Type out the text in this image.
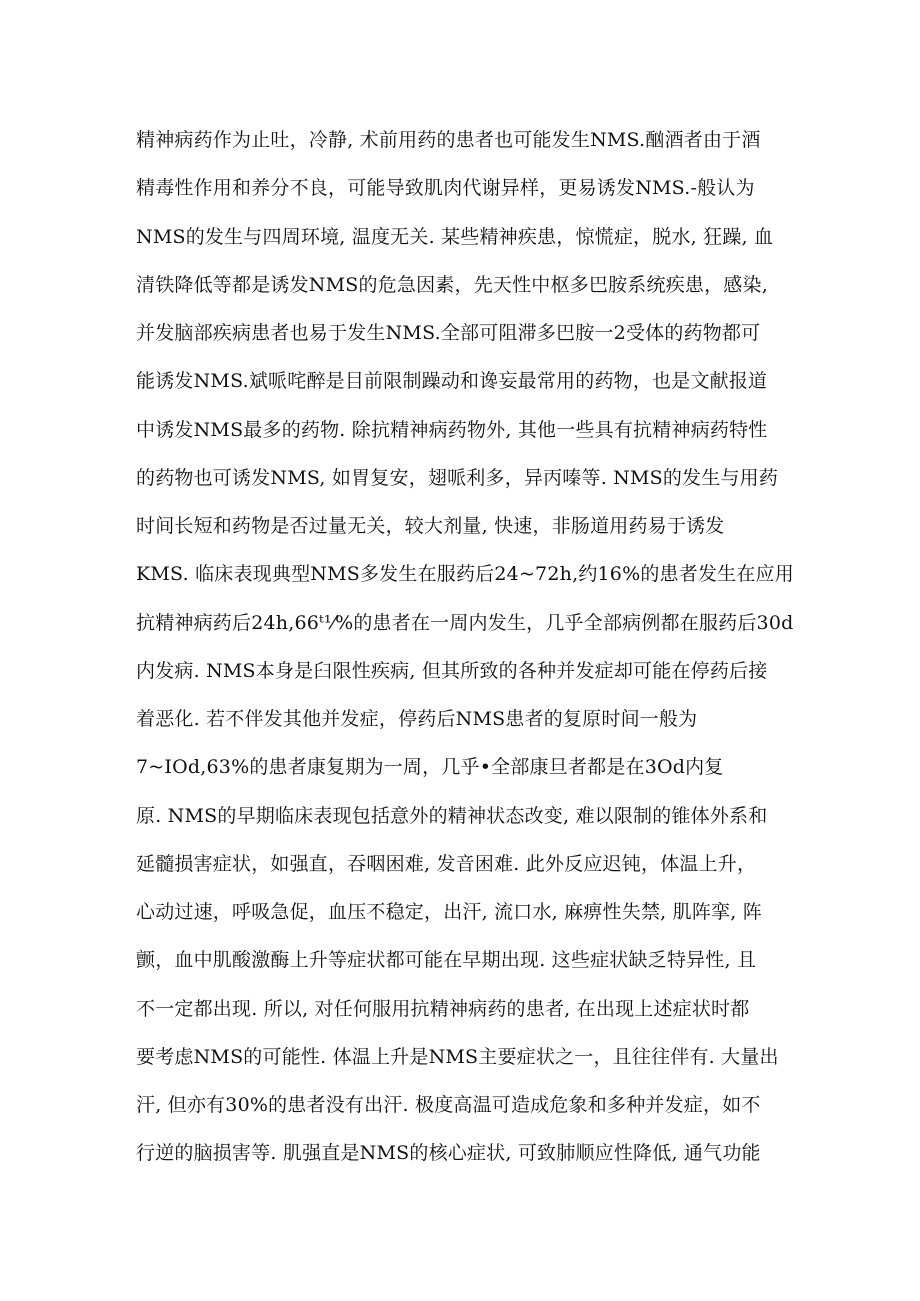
精神病药作为止吐，冷静, 术前用药的患者也可能发生NMS.酗酒者由于酒
精毒性作用和养分不良，可能导致肌肉代谢异样，更易诱发NMS.-般认为
NMS的发生与四周环境, 温度无关. 某些精神疾患，惊慌症，脱水, 狂躁, 血
清铁降低等都是诱发NMS的危急因素，先天性中枢多巴胺系统疾患，感染,
并发脑部疾病患者也易于发生NMS.全部可阻滞多巴胺一2受体的药物都可
能诱发NMS.斌哌咤醉是目前限制躁动和谗妄最常用的药物，也是文献报道
中诱发NMS最多的药物. 除抗精神病药物外, 其他一些具有抗精神病药特性
的药物也可诱发NMS, 如胃复安，翅哌利多，异丙嗪等. NMS的发生与用药
时间长短和药物是否过量无关，较大剂量, 快速，非肠道用药易于诱发
KMS. 临床表现典型NMS多发生在服药后24~72h,约16%的患者发生在应用
抗精神病药后24h,66ᵗ¹⁄%的患者在一周内发生，几乎全部病例都在服药后30d
内发病. NMS本身是臼限性疾病, 但其所致的各种并发症却可能在停药后接
着恶化. 若不伴发其他并发症，停药后NMS患者的复原时间一般为
7~IOd,63%的患者康复期为一周，几乎•全部康旦者都是在3Od内复
原. NMS的早期临床表现包括意外的精神状态改变, 难以限制的锥体外系和
延髓损害症状，如强直，吞咽困难, 发音困难. 此外反应迟钝，体温上升，
心动过速，呼吸急促，血压不稳定，出汗, 流口水, 麻痹性失禁, 肌阵挛, 阵
颤，血中肌酸激酶上升等症状都可能在早期出现. 这些症状缺乏特异性, 且
不一定都出现. 所以, 对任何服用抗精神病药的患者, 在出现上述症状时都
要考虑NMS的可能性. 体温上升是NMS主要症状之一，且往往伴有. 大量出
汗, 但亦有30%的患者没有出汗. 极度高温可造成危象和多种并发症，如不
行逆的脑损害等. 肌强直是NMS的核心症状, 可致肺顺应性降低, 通气功能
